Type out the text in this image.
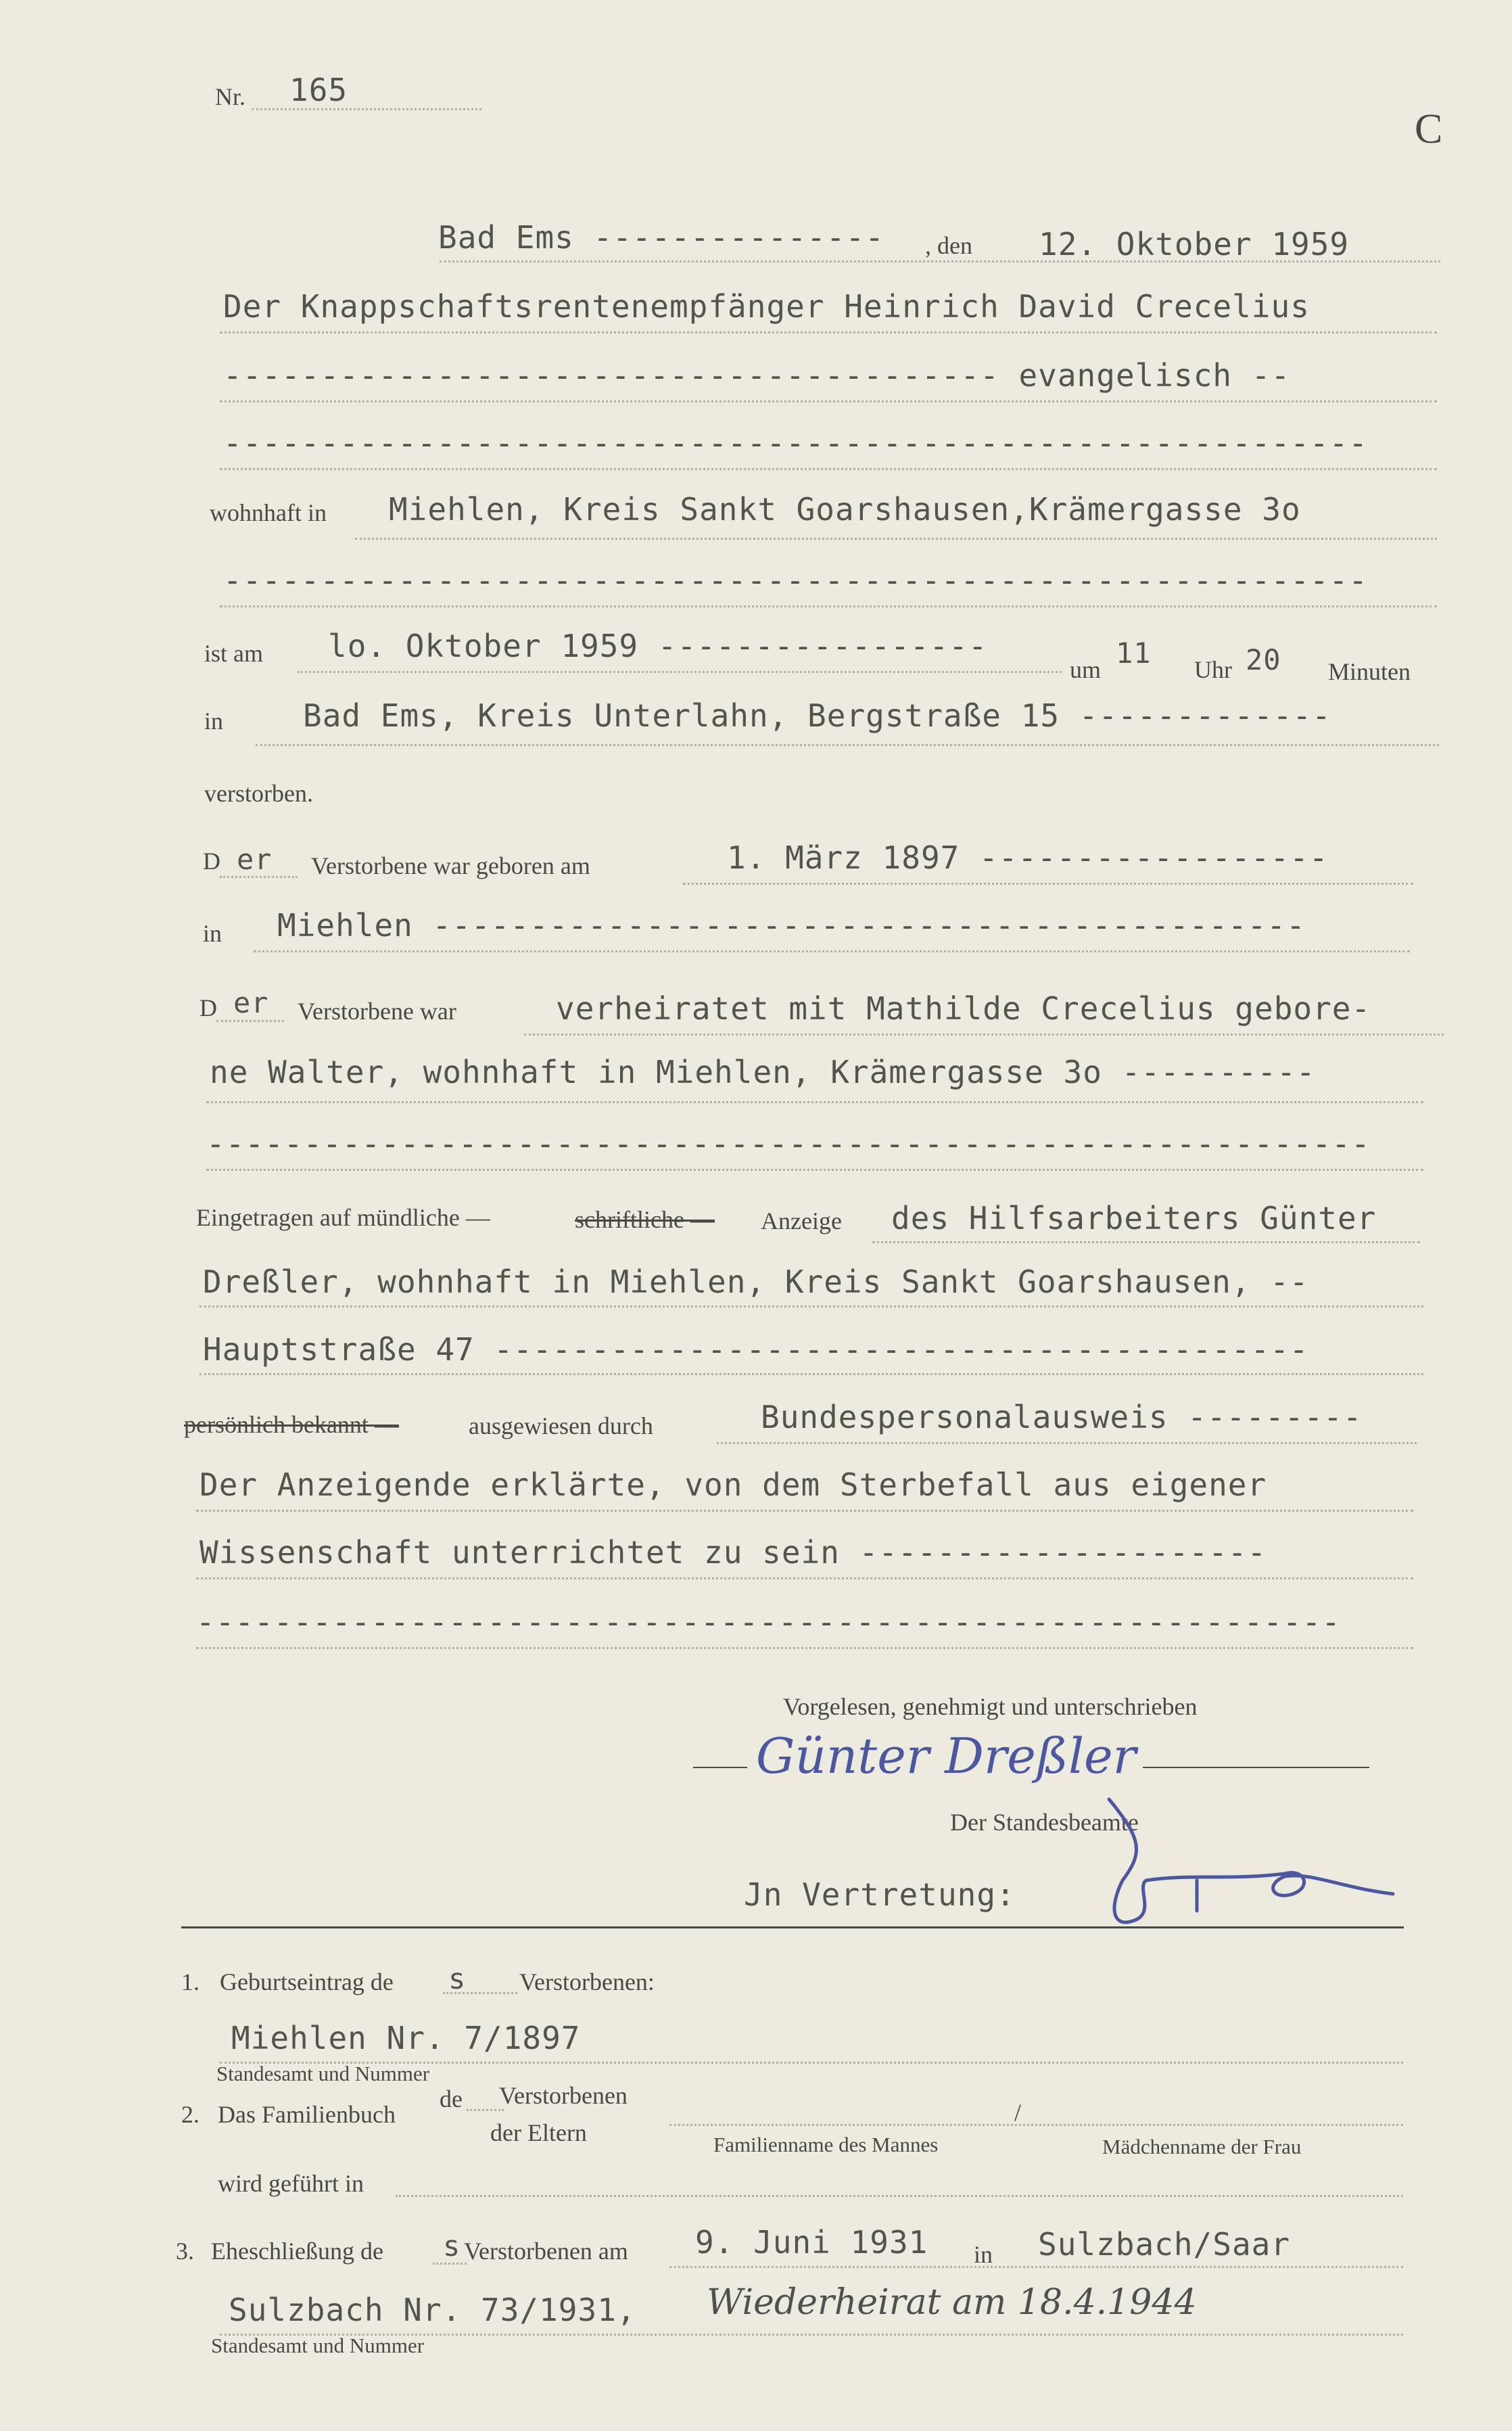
C
Nr. 165
Bad Ems --------------- , den 12. Oktober 1959
Der Knappschaftsrentenempfänger Heinrich David Crecelius
---------------------------------------- evangelisch --
-----------------------------------------------------------
wohnhaft in Miehlen, Kreis Sankt Goarshausen,Krämergasse 3o
-----------------------------------------------------------
ist am lo. Oktober 1959 -----------------
um 11 Uhr 20 Minuten
in	Bad Ems, Kreis Unterlahn, Bergstraße 15 -------------
verstorben.
D er Verstorbene war geboren am	1. März 1897 ------------------
in Miehlen ---------------------------------------------
D er Verstorbene war	verheiratet mit Mathilde Crecelius gebore-
ne Walter, wohnhaft in Miehlen, Krämergasse 3o ----------
------------------------------------------------------------
Eingetragen auf mündliche —	schriftliche — Anzeige des Hilfsarbeiters Günter
Dreßler, wohnhaft in Miehlen, Kreis Sankt Goarshausen, --
Hauptstraße 47 ------------------------------------------
persönlich bekannt —	ausgewiesen durch	Bundespersonalausweis ---------
Der Anzeigende erklärte, von dem Sterbefall aus eigener
Wissenschaft unterrichtet zu sein ---------------------
-----------------------------------------------------------
Vorgelesen, genehmigt und unterschrieben
Günter Dreßler
Der Standesbeamte
Jn Vertretung:
1. Geburtseintrag de s Verstorbenen:
Miehlen Nr. 7/1897
Standesamt und Nummer
2. Das Familienbuch
de Verstorbenen
der Eltern
/
Familienname des Mannes	Mädchenname der Frau
wird geführt in
3. Eheschließung de s Verstorbenen am 9. Juni 1931 in Sulzbach/Saar
Sulzbach Nr. 73/1931, Wiederheirat am 18.4.1944
Standesamt und Nummer
